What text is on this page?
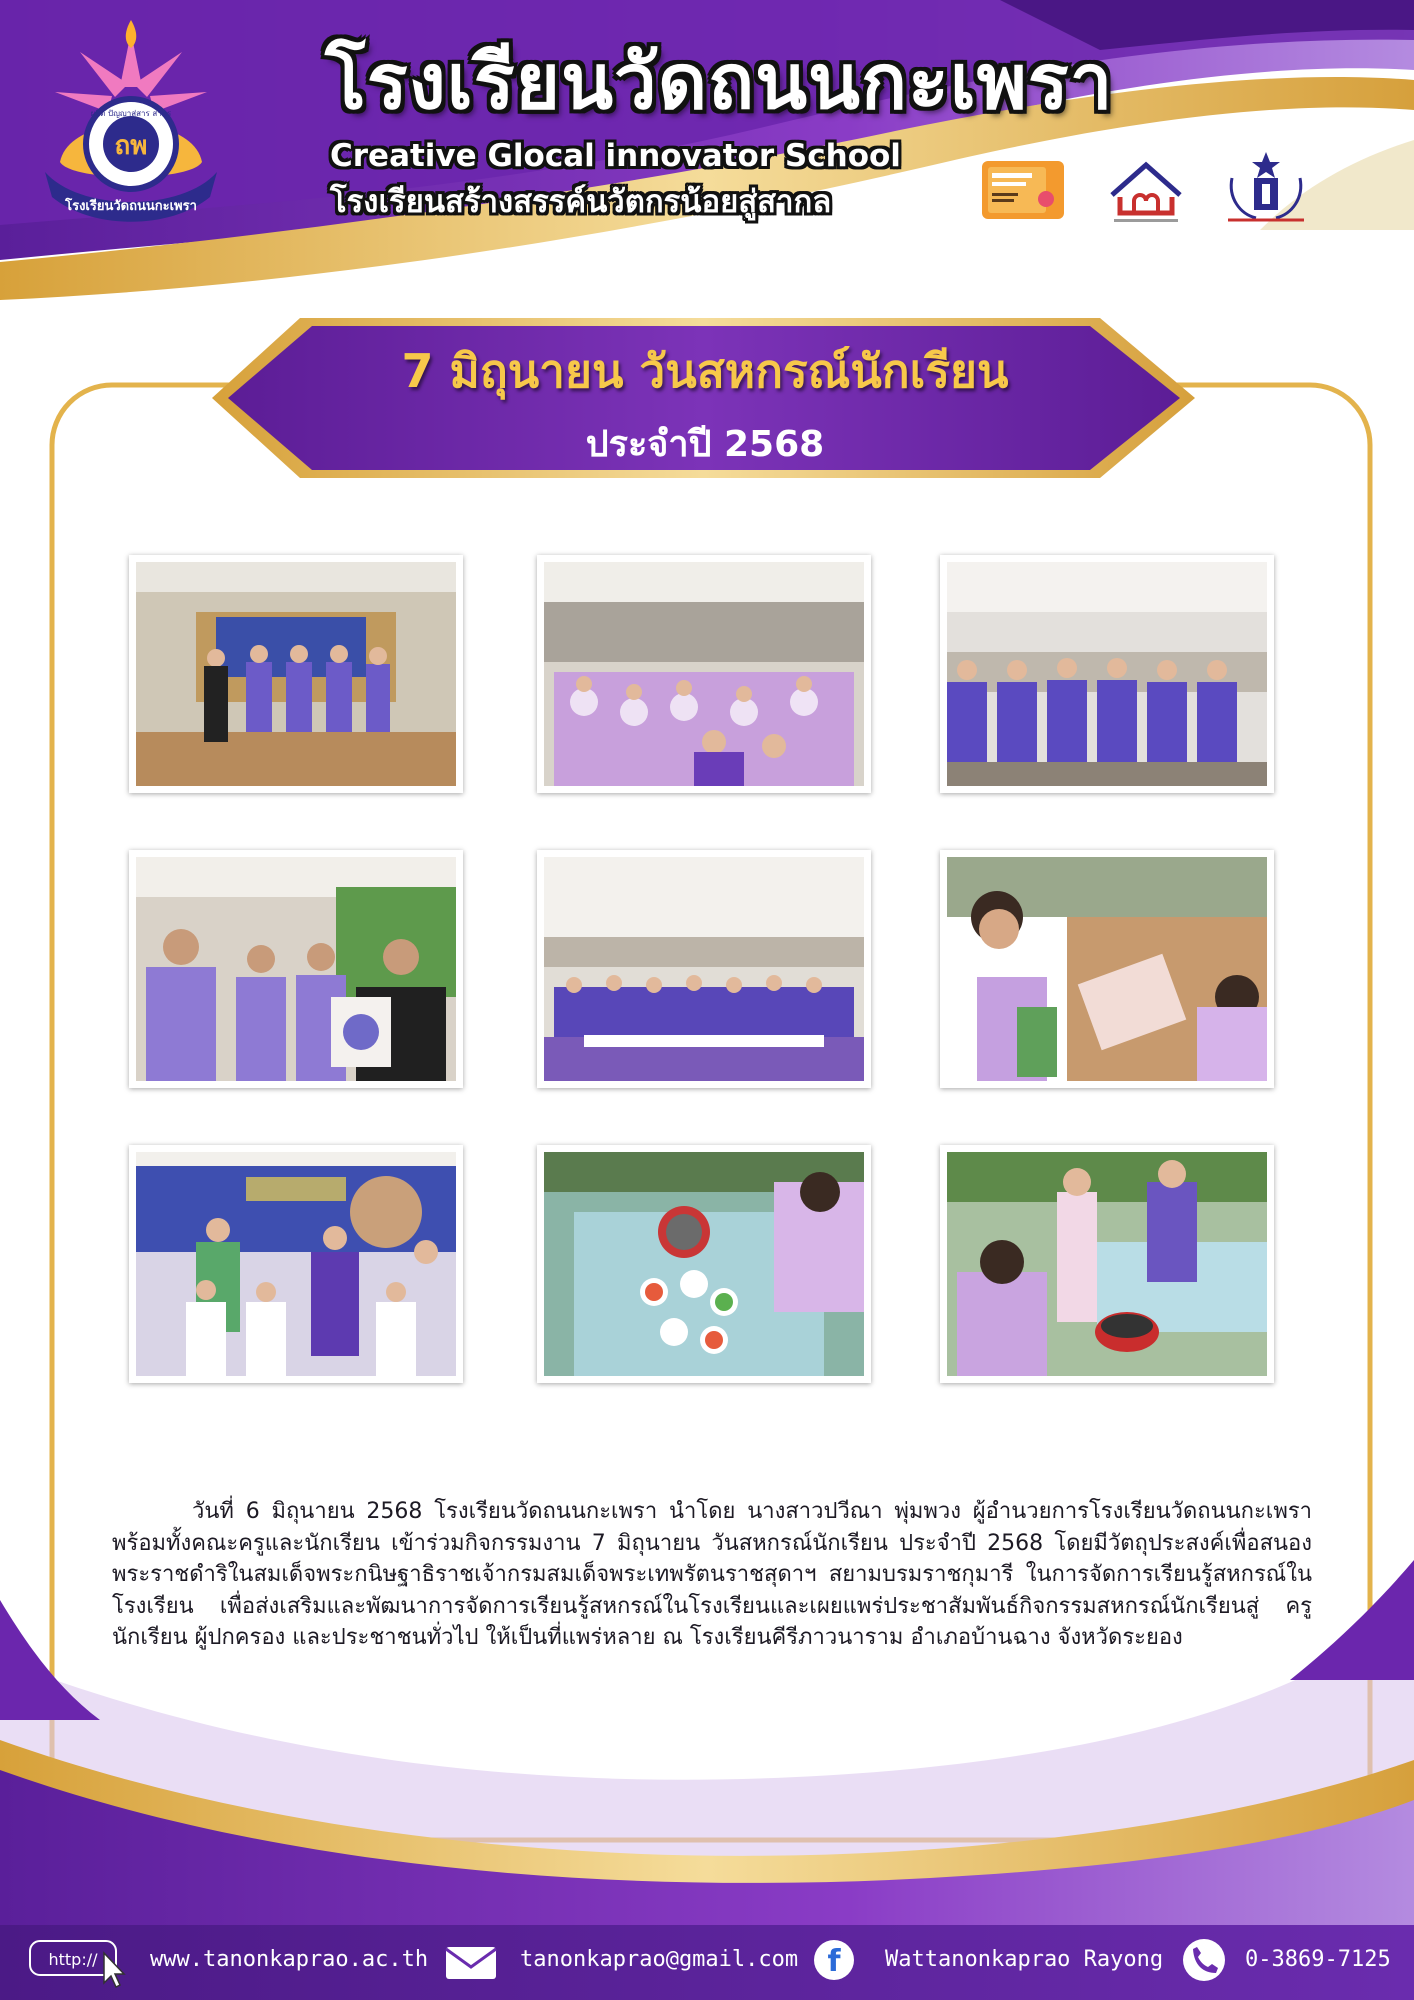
ถพ
โรงเรียนวัดถนนกะเพรา
ผลิต ปัญญาสู่สาร สาทร โรงเรียนวัดถนนกะเพรา
Creative Glocal innovator School
โรงเรียนสร้างสรรค์นวัตกรน้อยสู่สากล
7 มิถุนายน วันสหกรณ์นักเรียน
ประจำปี 2568
วันที่ 6 มิถุนายน 2568 โรงเรียนวัดถนนกะเพรา นำโดย นางสาวปวีณา พุ่มพวง ผู้อำนวยการโรงเรียนวัดถนนกะเพรา พร้อมทั้งคณะครูและนักเรียน เข้าร่วมกิจกรรมงาน 7 มิถุนายน วันสหกรณ์นักเรียน ประจำปี 2568 โดยมีวัตถุประสงค์เพื่อสนองพระราชดำริในสมเด็จพระกนิษฐาธิราชเจ้ากรมสมเด็จพระเทพรัตนราชสุดาฯ สยามบรมราชกุมารี ในการจัดการเรียนรู้สหกรณ์ในโรงเรียน เพื่อส่งเสริมและพัฒนาการจัดการเรียนรู้สหกรณ์ในโรงเรียนและเผยแพร่ประชาสัมพันธ์กิจกรรมสหกรณ์นักเรียนสู่ ครู นักเรียน ผู้ปกครอง และประชาชนทั่วไป ให้เป็นที่แพร่หลาย ณ โรงเรียนคีรีภาวนาราม อำเภอบ้านฉาง จังหวัดระยอง
http://	f
www.tanonkaprao.ac.th	tanonkaprao@gmail.com	Wattanonkaprao Rayong	0-3869-7125
